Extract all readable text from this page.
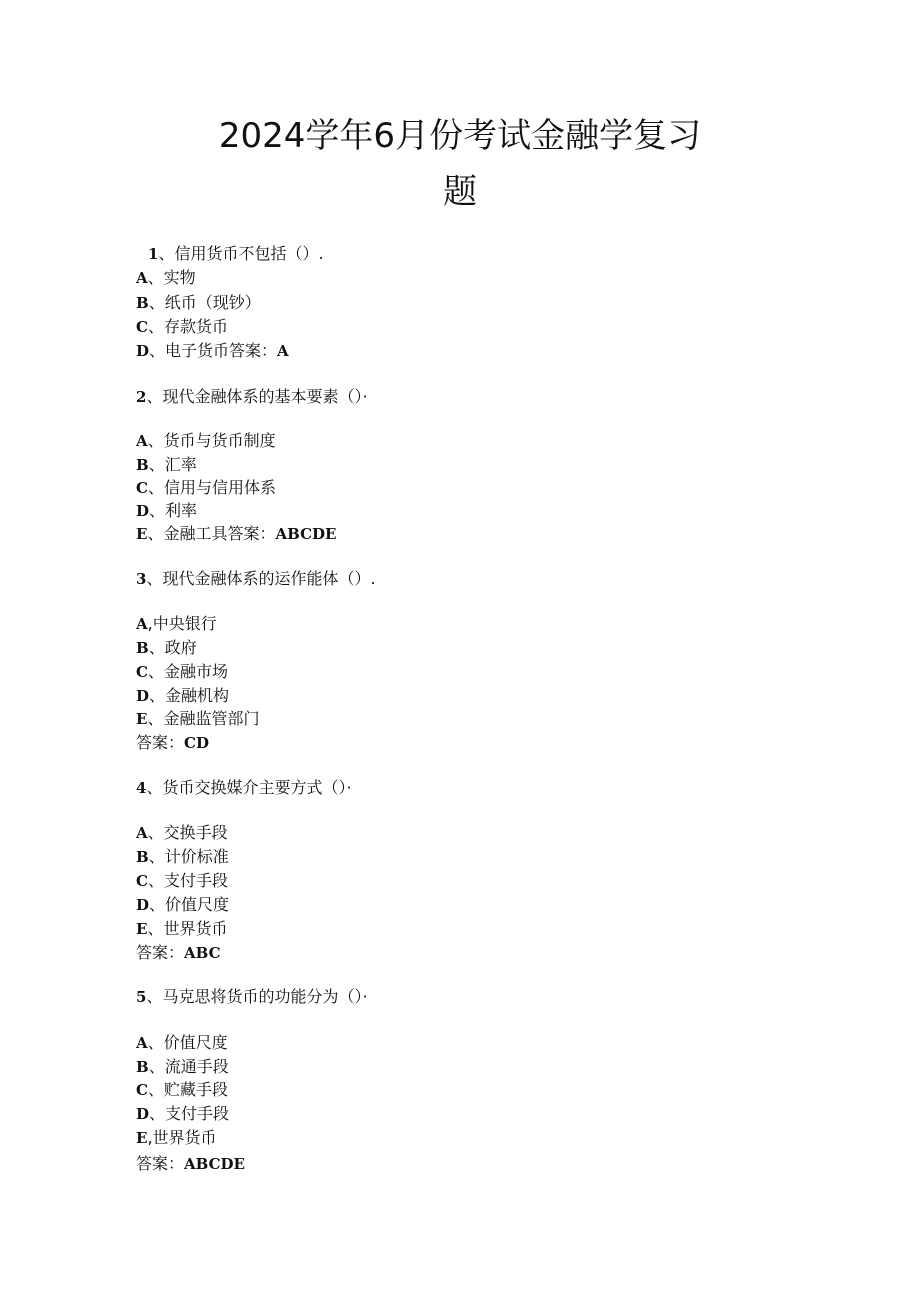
2024学年6月份考试金融学复习
题
1、信用货币不包括（）.
A、实物
B、纸币（现钞）
C、存款货币
D、电子货币答案：A
2、现代金融体系的基本要素（）·
A、货币与货币制度
B、汇率
C、信用与信用体系
D、利率
E、金融工具答案：ABCDE
3、现代金融体系的运作能体（）.
A,中央银行
B、政府
C、金融市场
D、金融机构
E、金融监管部门
答案：CD
4、货币交换媒介主要方式（）·
A、交换手段
B、计价标准
C、支付手段
D、价值尺度
E、世界货币
答案：ABC
5、马克思将货币的功能分为（）·
A、价值尺度
B、流通手段
C、贮藏手段
D、支付手段
E,世界货币
答案：ABCDE
